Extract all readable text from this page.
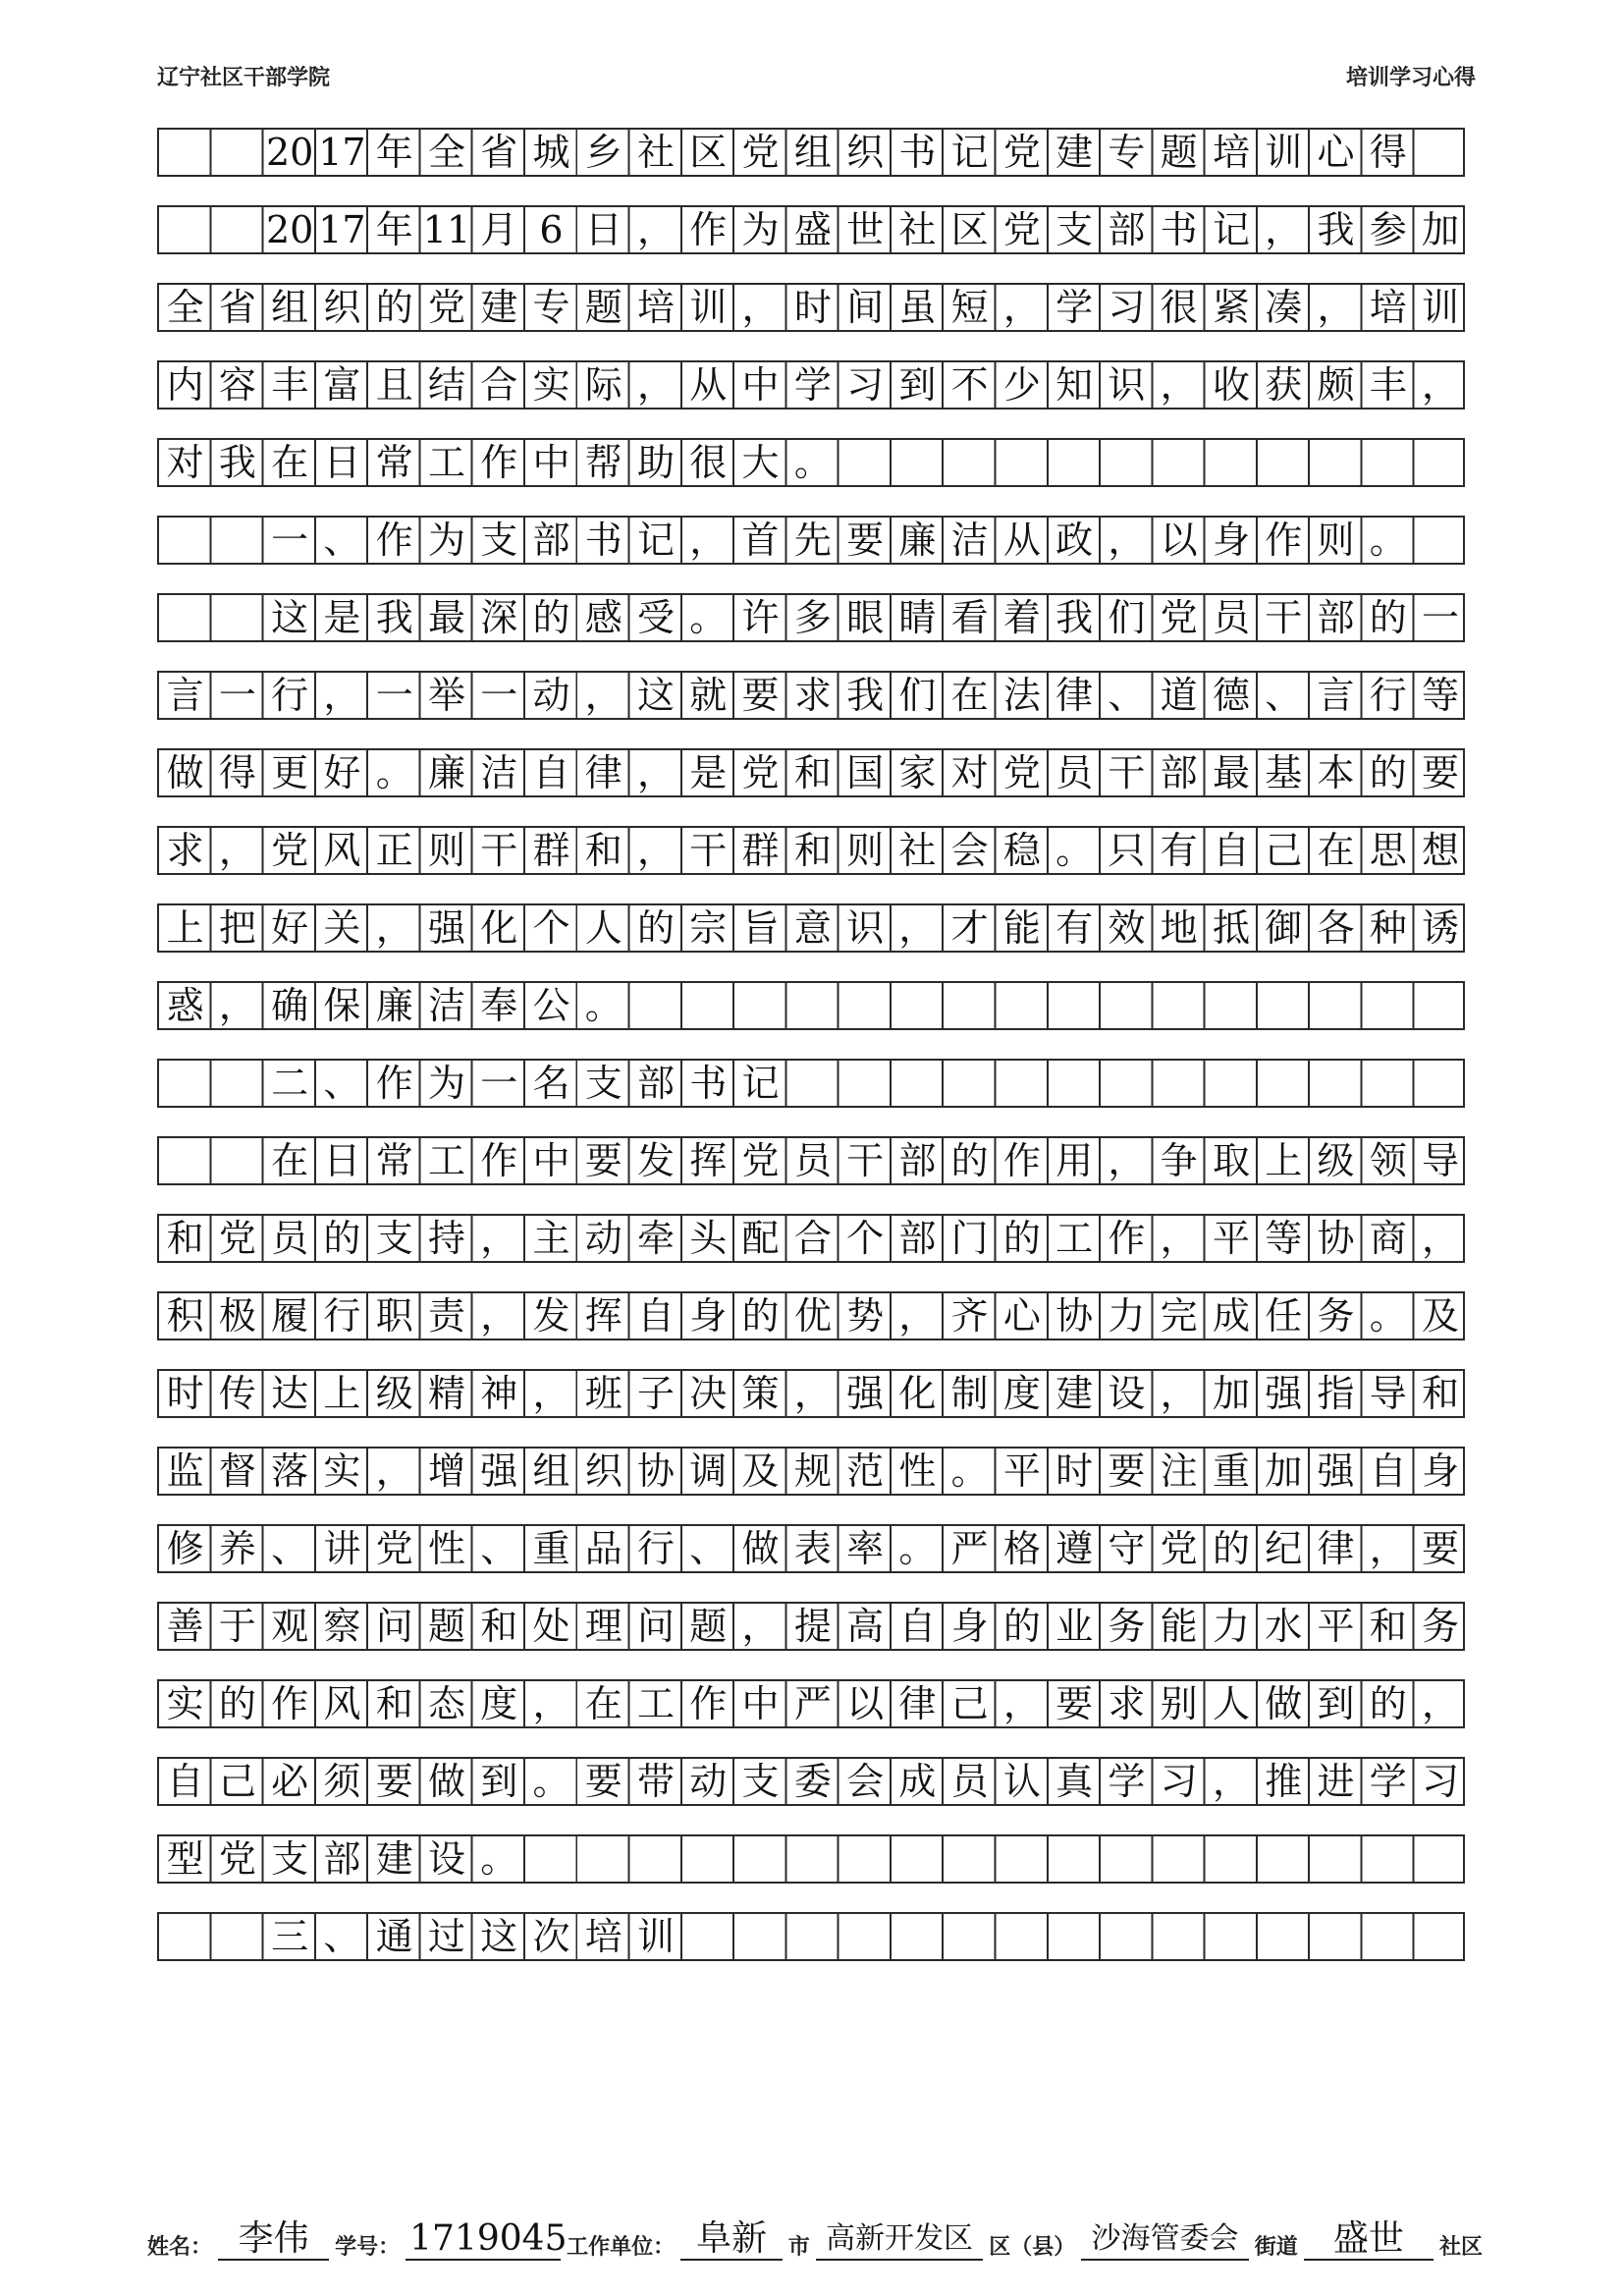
辽宁社区干部学院	培训学习心得

20 17 年 全 省 城 乡 社 区 党 组 织 书 记 党 建 专 题 培 训 心 得

20 17 年 11 月 6 日 ， 作 为 盛 世 社 区 党 支 部 书 记 ， 我 参 加
全 省 组 织 的 党 建 专 题 培 训 ， 时 间 虽 短 ， 学 习 很 紧 凑 ， 培 训
内 容 丰 富 且 结 合 实 际 ， 从 中 学 习 到 不 少 知 识 ， 收 获 颇 丰 ，
对 我 在 日 常 工 作 中 帮 助 很 大 。

一 、 作 为 支 部 书 记 ， 首 先 要 廉 洁 从 政 ， 以 身 作 则 。

这 是 我 最 深 的 感 受 。 许 多 眼 睛 看 着 我 们 党 员 干 部 的 一
言 一 行 ， 一 举 一 动 ， 这 就 要 求 我 们 在 法 律 、 道 德 、 言 行 等
做 得 更 好 。 廉 洁 自 律 ， 是 党 和 国 家 对 党 员 干 部 最 基 本 的 要
求 ， 党 风 正 则 干 群 和 ， 干 群 和 则 社 会 稳 。 只 有 自 己 在 思 想
上 把 好 关 ， 强 化 个 人 的 宗 旨 意 识 ， 才 能 有 效 地 抵 御 各 种 诱
惑 ， 确 保 廉 洁 奉 公 。

二 、 作 为 一 名 支 部 书 记

在 日 常 工 作 中 要 发 挥 党 员 干 部 的 作 用 ， 争 取 上 级 领 导
和 党 员 的 支 持 ， 主 动 牵 头 配 合 个 部 门 的 工 作 ， 平 等 协 商 ，
积 极 履 行 职 责 ， 发 挥 自 身 的 优 势 ， 齐 心 协 力 完 成 任 务 。 及
时 传 达 上 级 精 神 ， 班 子 决 策 ， 强 化 制 度 建 设 ， 加 强 指 导 和
监 督 落 实 ， 增 强 组 织 协 调 及 规 范 性 。 平 时 要 注 重 加 强 自 身
修 养 、 讲 党 性 、 重 品 行 、 做 表 率 。 严 格 遵 守 党 的 纪 律 ， 要
善 于 观 察 问 题 和 处 理 问 题 ， 提 高 自 身 的 业 务 能 力 水 平 和 务
实 的 作 风 和 态 度 ， 在 工 作 中 严 以 律 己 ， 要 求 别 人 做 到 的 ，
自 己 必 须 要 做 到 。 要 带 动 支 委 会 成 员 认 真 学 习 ， 推 进 学 习
型 党 支 部 建 设 。

三 、 通 过 这 次 培 训
姓名： 李伟	学号： 1719045 工作单位： 阜新 市 高新开发区 区（县） 沙海管委会 街道	盛世	社区
